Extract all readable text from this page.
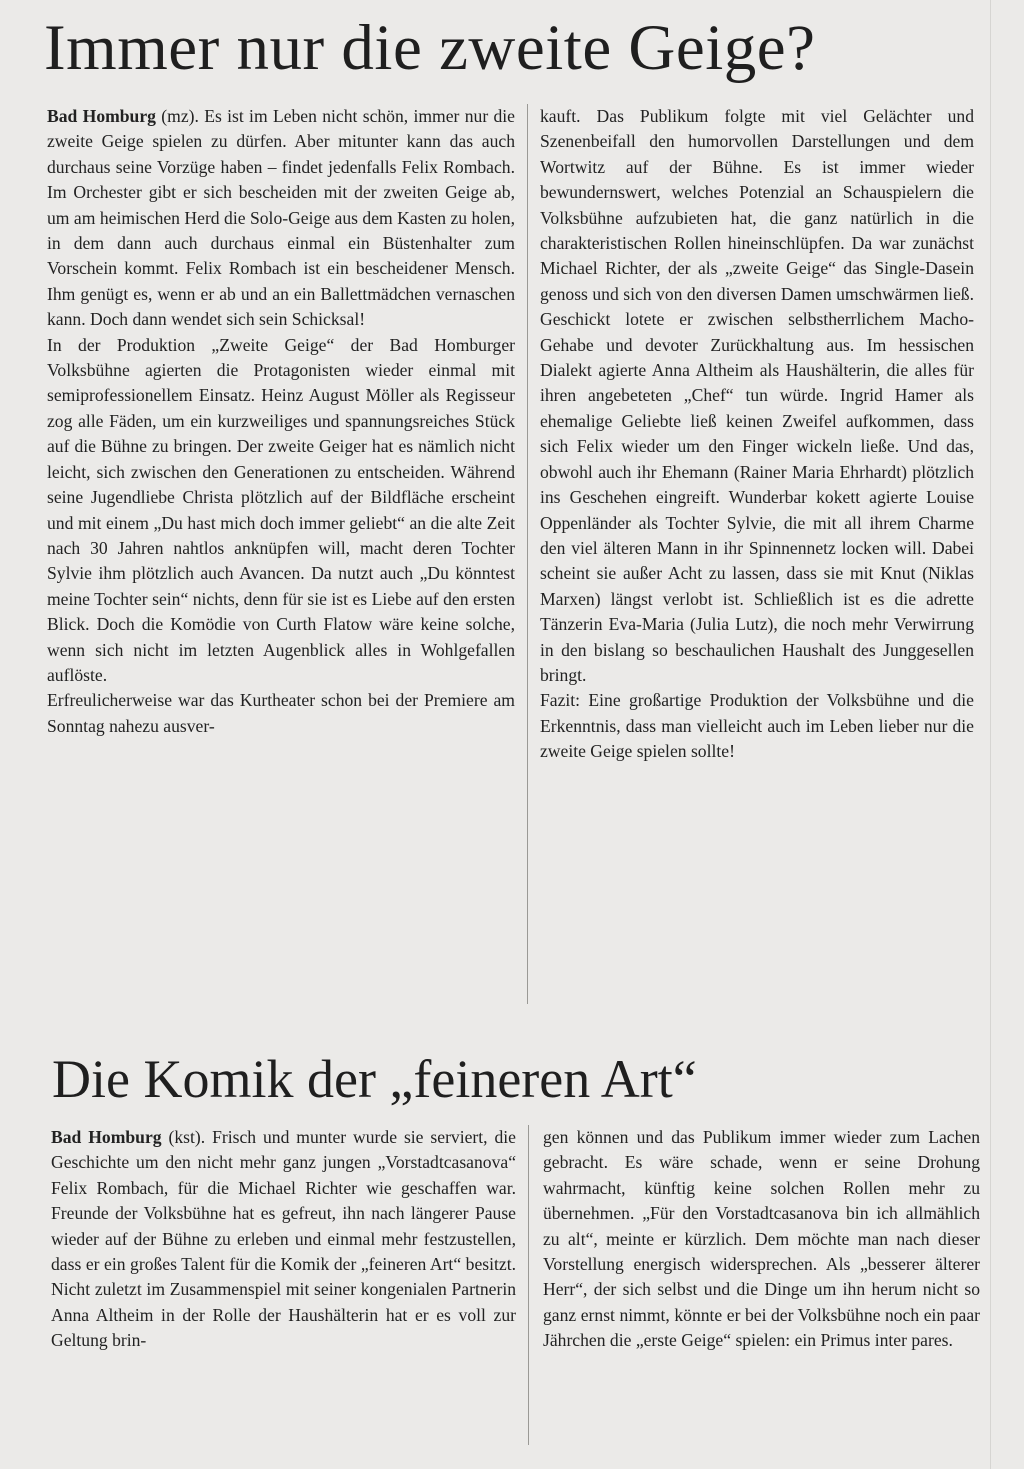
Immer nur die zweite Geige?

Bad Homburg (mz). Es ist im Leben nicht schön, immer nur die zweite Geige spielen zu dürfen. Aber mitunter kann das auch durchaus seine Vorzüge haben – findet jedenfalls Felix Rombach. Im Orchester gibt er sich bescheiden mit der zweiten Geige ab, um am heimischen Herd die Solo-Geige aus dem Kasten zu holen, in dem dann auch durchaus einmal ein Büstenhalter zum Vorschein kommt. Felix Rombach ist ein bescheidener Mensch. Ihm genügt es, wenn er ab und an ein Ballettmädchen vernaschen kann. Doch dann wendet sich sein Schicksal!

In der Produktion „Zweite Geige“ der Bad Homburger Volksbühne agierten die Protagonisten wieder einmal mit semiprofessionellem Einsatz. Heinz August Möller als Regisseur zog alle Fäden, um ein kurzweiliges und spannungsreiches Stück auf die Bühne zu bringen. Der zweite Geiger hat es nämlich nicht leicht, sich zwischen den Generationen zu entscheiden. Während seine Jugendliebe Christa plötzlich auf der Bildfläche erscheint und mit einem „Du hast mich doch immer geliebt“ an die alte Zeit nach 30 Jahren nahtlos anknüpfen will, macht deren Tochter Sylvie ihm plötzlich auch Avancen. Da nutzt auch „Du könntest meine Tochter sein“ nichts, denn für sie ist es Liebe auf den ersten Blick. Doch die Komödie von Curth Flatow wäre keine solche, wenn sich nicht im letzten Augenblick alles in Wohlgefallen auflöste.

Erfreulicherweise war das Kurtheater schon bei der Premiere am Sonntag nahezu ausver-

kauft. Das Publikum folgte mit viel Gelächter und Szenenbeifall den humorvollen Darstellungen und dem Wortwitz auf der Bühne. Es ist immer wieder bewundernswert, welches Potenzial an Schauspielern die Volksbühne aufzubieten hat, die ganz natürlich in die charakteristischen Rollen hineinschlüpfen. Da war zunächst Michael Richter, der als „zweite Geige“ das Single-Dasein genoss und sich von den diversen Damen umschwärmen ließ. Geschickt lotete er zwischen selbstherrlichem Macho-Gehabe und devoter Zurückhaltung aus. Im hessischen Dialekt agierte Anna Altheim als Haushälterin, die alles für ihren angebeteten „Chef“ tun würde. Ingrid Hamer als ehemalige Geliebte ließ keinen Zweifel aufkommen, dass sich Felix wieder um den Finger wickeln ließe. Und das, obwohl auch ihr Ehemann (Rainer Maria Ehrhardt) plötzlich ins Geschehen eingreift. Wunderbar kokett agierte Louise Oppenländer als Tochter Sylvie, die mit all ihrem Charme den viel älteren Mann in ihr Spinnennetz locken will. Dabei scheint sie außer Acht zu lassen, dass sie mit Knut (Niklas Marxen) längst verlobt ist. Schließlich ist es die adrette Tänzerin Eva-Maria (Julia Lutz), die noch mehr Verwirrung in den bislang so beschaulichen Haushalt des Junggesellen bringt.

Fazit: Eine großartige Produktion der Volksbühne und die Erkenntnis, dass man vielleicht auch im Leben lieber nur die zweite Geige spielen sollte!

Die Komik der „feineren Art“

Bad Homburg (kst). Frisch und munter wurde sie serviert, die Geschichte um den nicht mehr ganz jungen „Vorstadtcasanova“ Felix Rombach, für die Michael Richter wie geschaffen war. Freunde der Volksbühne hat es gefreut, ihn nach längerer Pause wieder auf der Bühne zu erleben und einmal mehr festzustellen, dass er ein großes Talent für die Komik der „feineren Art“ besitzt. Nicht zuletzt im Zusammenspiel mit seiner kongenialen Partnerin Anna Altheim in der Rolle der Haushälterin hat er es voll zur Geltung brin-

gen können und das Publikum immer wieder zum Lachen gebracht. Es wäre schade, wenn er seine Drohung wahrmacht, künftig keine solchen Rollen mehr zu übernehmen. „Für den Vorstadtcasanova bin ich allmählich zu alt“, meinte er kürzlich. Dem möchte man nach dieser Vorstellung energisch widersprechen. Als „besserer älterer Herr“, der sich selbst und die Dinge um ihn herum nicht so ganz ernst nimmt, könnte er bei der Volksbühne noch ein paar Jährchen die „erste Geige“ spielen: ein Primus inter pares.
